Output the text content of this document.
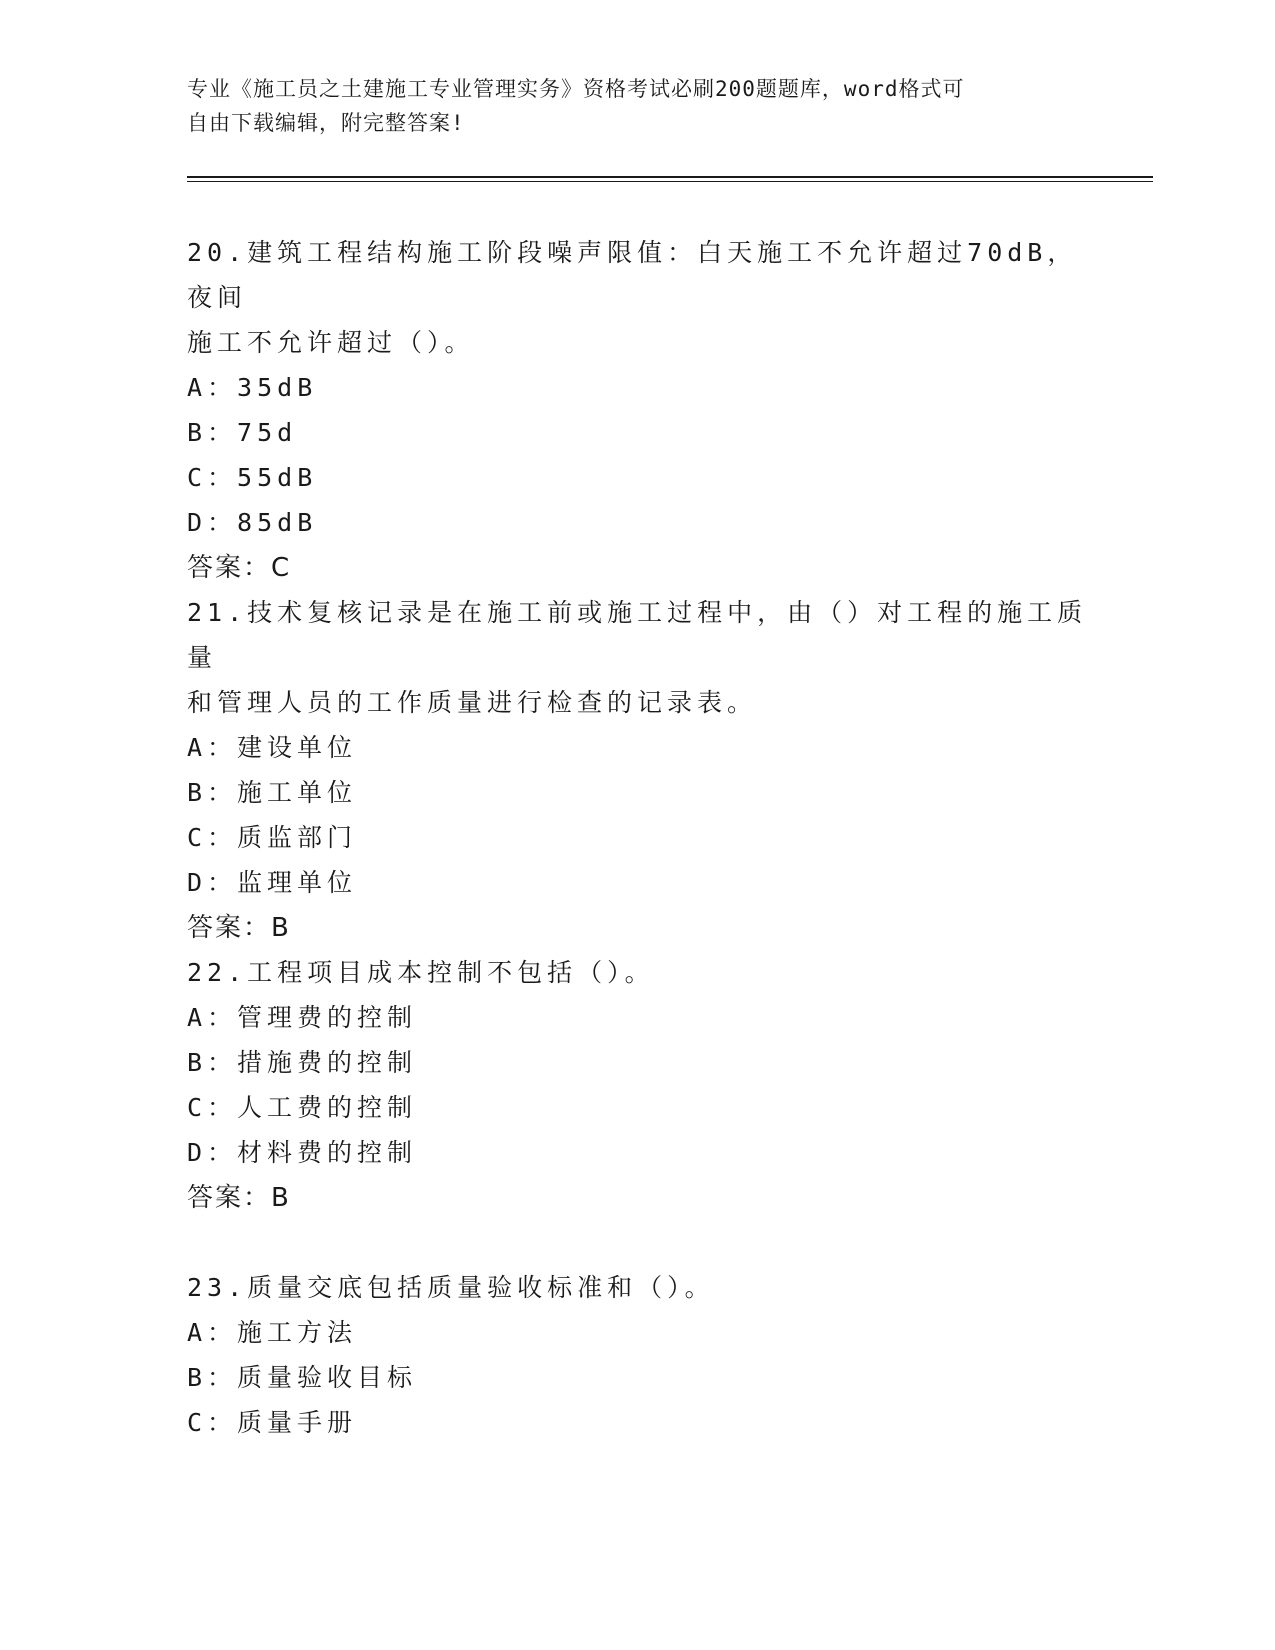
专业《施工员之土建施工专业管理实务》资格考试必刷200题题库，word格式可
自由下载编辑，附完整答案!

20.建筑工程结构施工阶段噪声限值：白天施工不允许超过70dB，夜间

施工不允许超过（）。

A：35dB

B：75d

C：55dB

D：85dB

答案：C

21.技术复核记录是在施工前或施工过程中，由（）对工程的施工质量

和管理人员的工作质量进行检查的记录表。

A：建设单位

B：施工单位

C：质监部门

D：监理单位

答案：B

22.工程项目成本控制不包括（）。

A：管理费的控制

B：措施费的控制

C：人工费的控制

D：材料费的控制

答案：B

23.质量交底包括质量验收标准和（）。

A：施工方法

B：质量验收目标

C：质量手册
